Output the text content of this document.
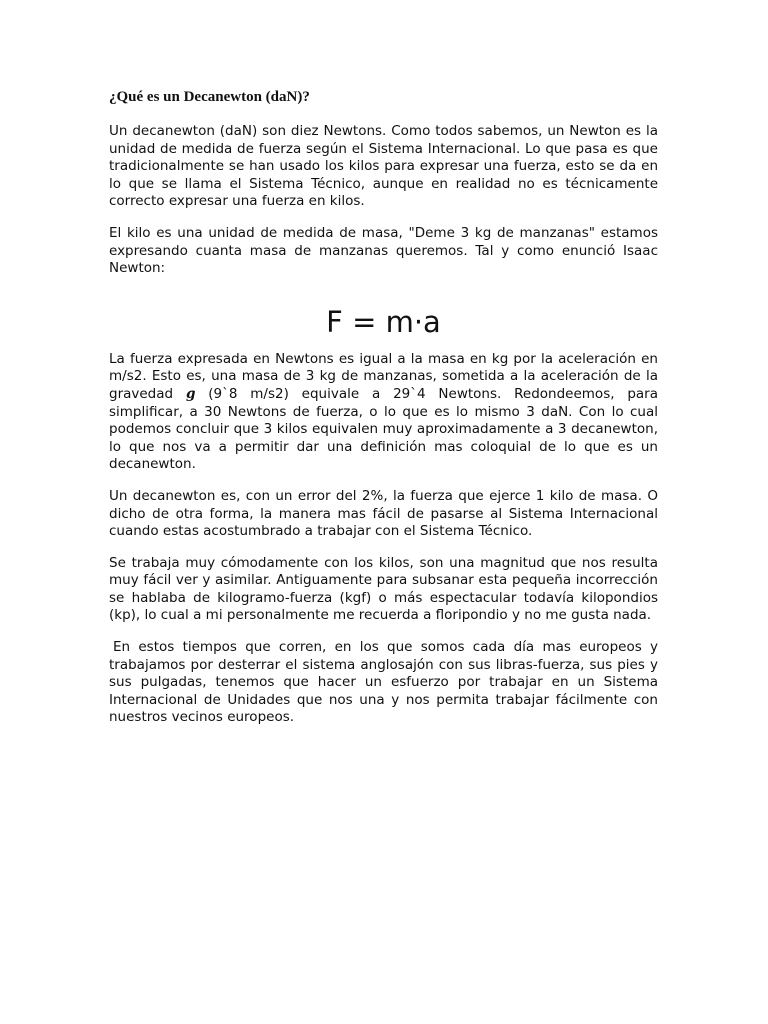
¿Qué es un Decanewton (daN)?

Un decanewton (daN) son diez Newtons. Como todos sabemos, un Newton es la unidad de medida de fuerza según el Sistema Internacional. Lo que pasa es que tradicionalmente se han usado los kilos para expresar una fuerza, esto se da en lo que se llama el Sistema Técnico, aunque en realidad no es técnicamente correcto expresar una fuerza en kilos.

El kilo es una unidad de medida de masa, "Deme 3 kg de manzanas" estamos expresando cuanta masa de manzanas queremos. Tal y como enunció Isaac Newton:

F = m·a

La fuerza expresada en Newtons es igual a la masa en kg por la aceleración en m/s2. Esto es, una masa de 3 kg de manzanas, sometida a la aceleración de la gravedad g (9`8 m/s2) equivale a 29`4 Newtons. Redondeemos, para simplificar, a 30 Newtons de fuerza, o lo que es lo mismo 3 daN. Con lo cual podemos concluir que 3 kilos equivalen muy aproximadamente a 3 decanewton, lo que nos va a permitir dar una definición mas coloquial de lo que es un decanewton.

Un decanewton es, con un error del 2%, la fuerza que ejerce 1 kilo de masa. O dicho de otra forma, la manera mas fácil de pasarse al Sistema Internacional cuando estas acostumbrado a trabajar con el Sistema Técnico.

Se trabaja muy cómodamente con los kilos, son una magnitud que nos resulta muy fácil ver y asimilar. Antiguamente para subsanar esta pequeña incorrección se hablaba de kilogramo-fuerza (kgf) o más espectacular todavía kilopondios (kp), lo cual a mi personalmente me recuerda a floripondio y no me gusta nada.

En estos tiempos que corren, en los que somos cada día mas europeos y trabajamos por desterrar el sistema anglosajón con sus libras-fuerza, sus pies y sus pulgadas, tenemos que hacer un esfuerzo por trabajar en un Sistema Internacional de Unidades que nos una y nos permita trabajar fácilmente con nuestros vecinos europeos.
